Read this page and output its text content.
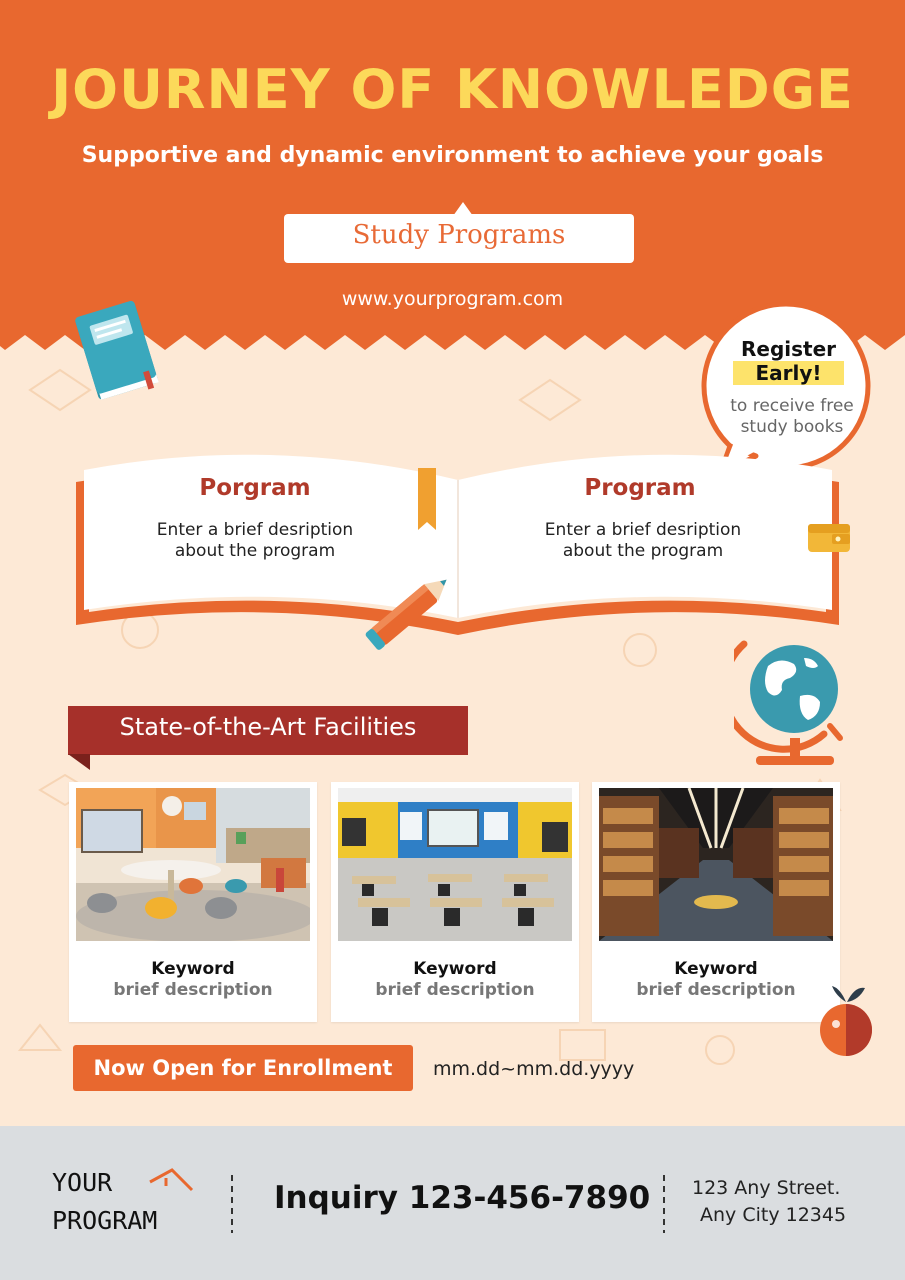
JOURNEY OF KNOWLEDGE
Supportive and dynamic environment to achieve your goals
Study Programs
www.yourprogram.com
Register
Early!
to receive free
study books
Porgram
Enter a brief desription
about the program
Program
Enter a brief desription
about the program
State-of-the-Art Facilities
Keyword
brief description
Keyword
brief description
Keyword
brief description
Now Open for Enrollment	mm.dd~mm.dd.yyyy
YOUR
PROGRAM
Inquiry 123-456-7890 123 Any Street.
Any City 12345
